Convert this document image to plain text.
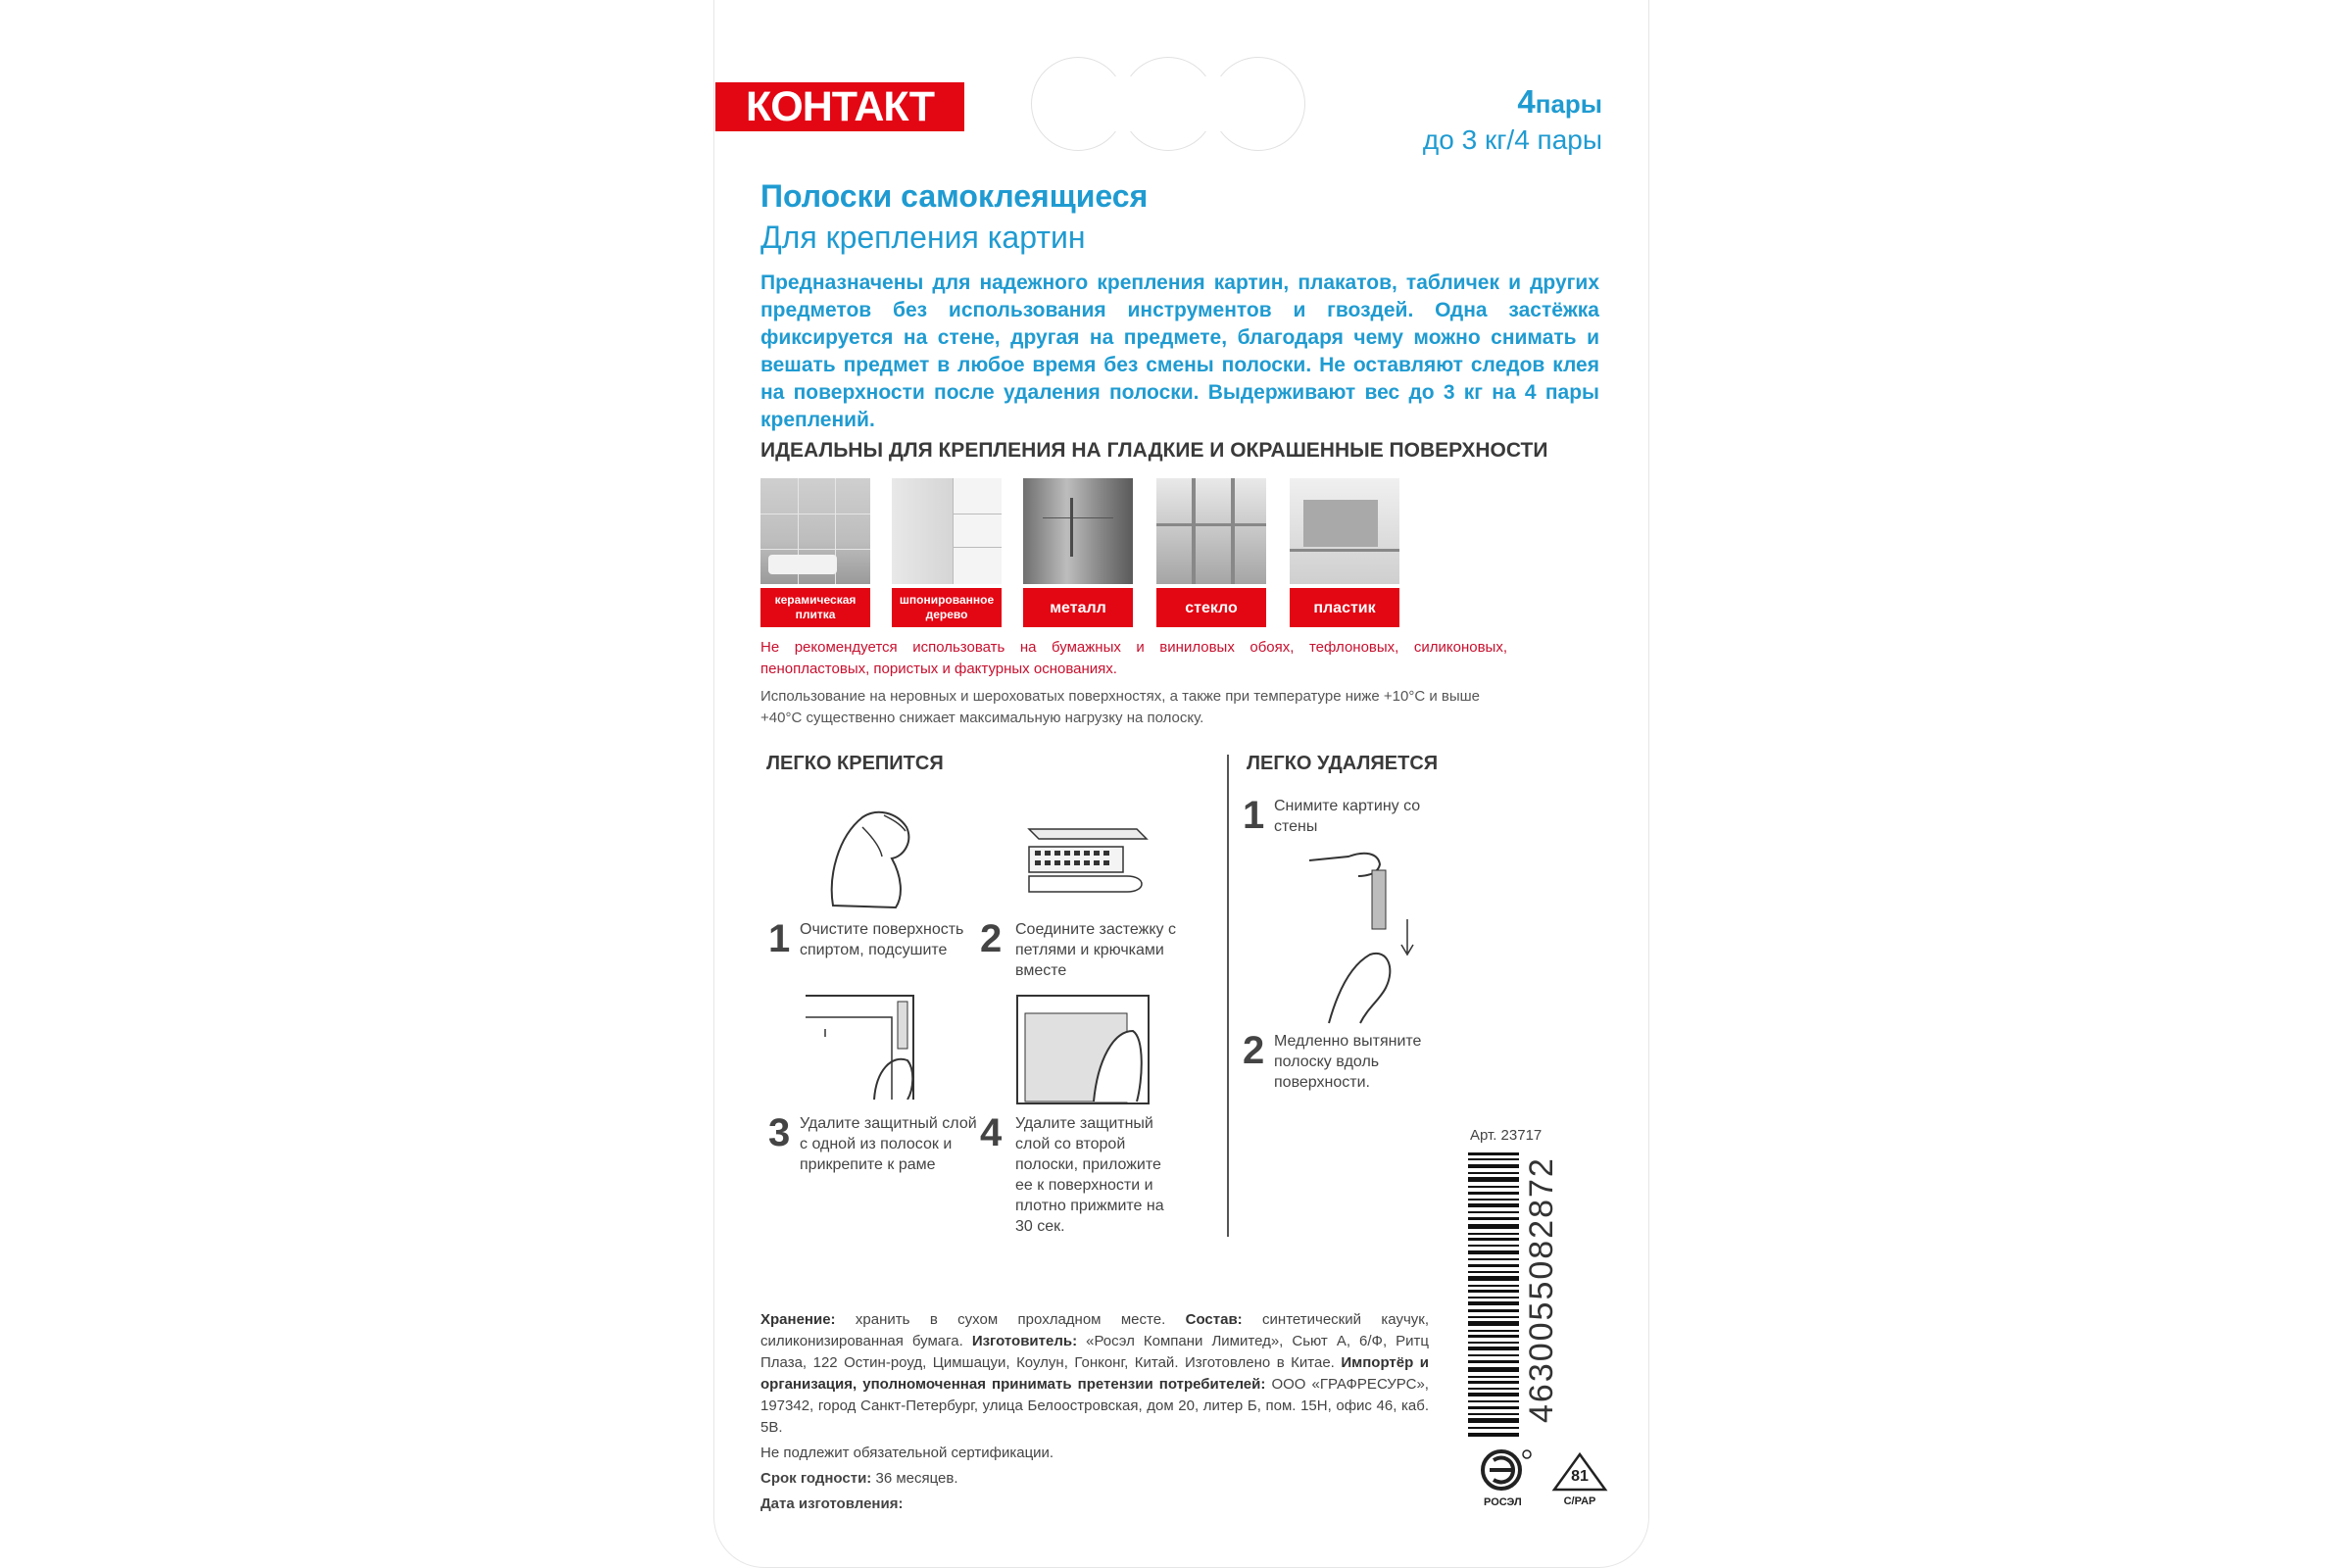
КОНТАКТ	4пары
до 3 кг/4 пары
Полоски самоклеящиеся
Для крепления картин
Предназначены для надежного крепления картин, плакатов, табличек и других предметов без использования инструментов и гвоздей. Одна застёжка фиксируется на стене, другая на предмете, благодаря чему можно снимать и вешать предмет в любое время без смены полоски. Не оставляют следов клея на поверхности после удаления полоски. Выдерживают вес до 3 кг на 4 пары креплений.
ИДЕАЛЬНЫ ДЛЯ КРЕПЛЕНИЯ НА ГЛАДКИЕ И ОКРАШЕННЫЕ ПОВЕРХНОСТИ
керамическая плитка
шпонированное дерево	металл	стекло	пластик
Не рекомендуется использовать на бумажных и виниловых обоях, тефлоновых, силиконовых, пенопластовых, пористых и фактурных основаниях.
Использование на неровных и шероховатых поверхностях, а также при температуре ниже +10°C и выше +40°C существенно снижает максимальную нагрузку на полоску.
ЛЕГКО КРЕПИТСЯ	ЛЕГКО УДАЛЯЕТСЯ
1 Очистите поверхность спиртом, подсушите 2 Соедините застежку с петлями и крючками вместе
3 Удалите защитный слой с одной из полосок и прикрепите к раме
4 Удалите защитный слой со второй полоски, приложите ее к поверхности и плотно прижмите на 30 сек.
1 Снимите картину со стены
2 Медленно вытяните полоску вдоль поверхности.
Хранение: хранить в сухом прохладном месте. Состав: синтетический каучук, силиконизированная бумага. Изготовитель: «Росэл Компани Лимитед», Сьют А, 6/Ф, Ритц Плаза, 122 Остин-роуд, Цимшацуи, Коулун, Гонконг, Китай. Изготовлено в Китае. Импортёр и организация, уполномоченная принимать претензии потребителей: ООО «ГРАФРЕСУРС», 197342, город Санкт-Петербург, улица Белоостровская, дом 20, литер Б, пом. 15Н, офис 46, каб. 5В.
Не подлежит обязательной сертификации.
Срок годности: 36 месяцев.
Дата изготовления:
Арт. 23717
4630055082872
РОСЭЛ
81
C/PAP
